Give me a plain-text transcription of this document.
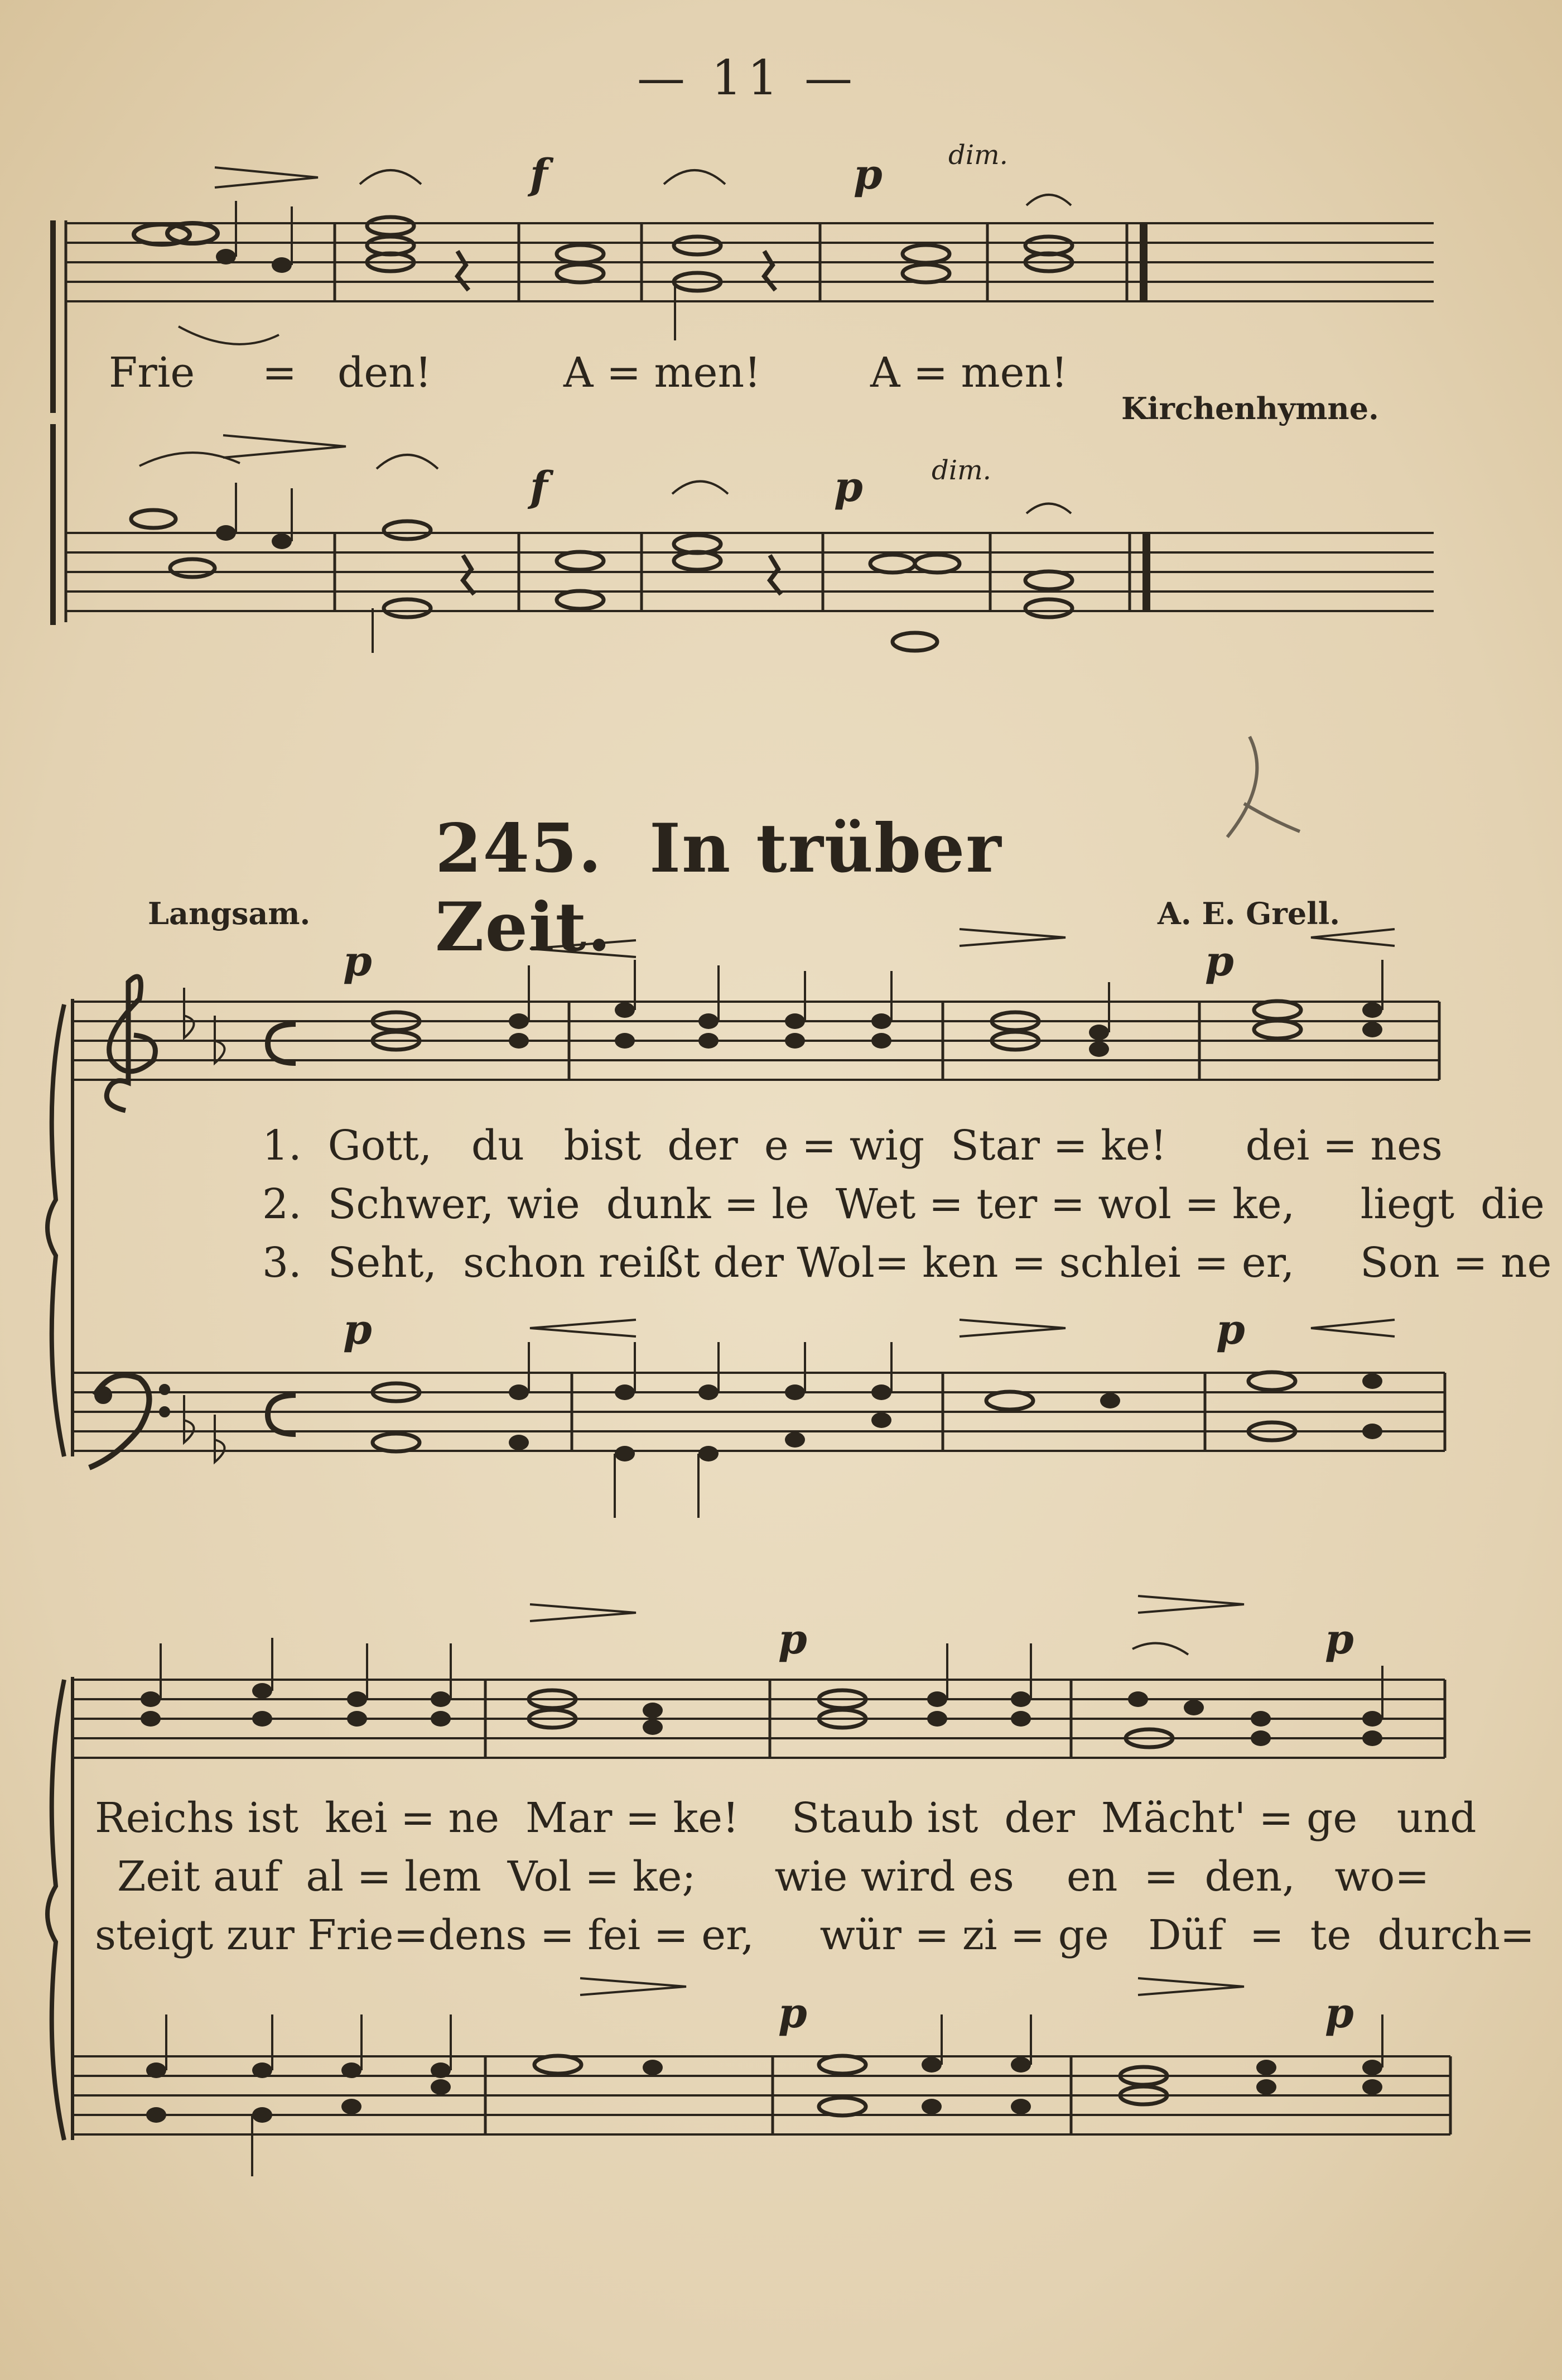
— 11 —
f	p dim.
f	p	dim.
Frie = den!	A = men!	A = men!
Kirchenhymne.
245. In trüber Zeit.
Langsam.	A. E. Grell.
p	p
p	p
1.  Gott,   du   bist  der  e = wig  Star = ke!      dei = nes
2.  Schwer, wie  dunk = le  Wet = ter = wol = ke,     liegt  die
3.  Seht,  schon reißt der Wol= ken = schlei = er,     Son = ne
p	p
p	p
Reichs ist  kei = ne  Mar = ke!    Staub ist  der  Mächt' = ge   und
Zeit auf  al = lem  Vol = ke;      wie wird es    en  =  den,   wo=
steigt zur Frie=dens = fei = er,     wür = zi = ge   Düf  =  te  durch=
